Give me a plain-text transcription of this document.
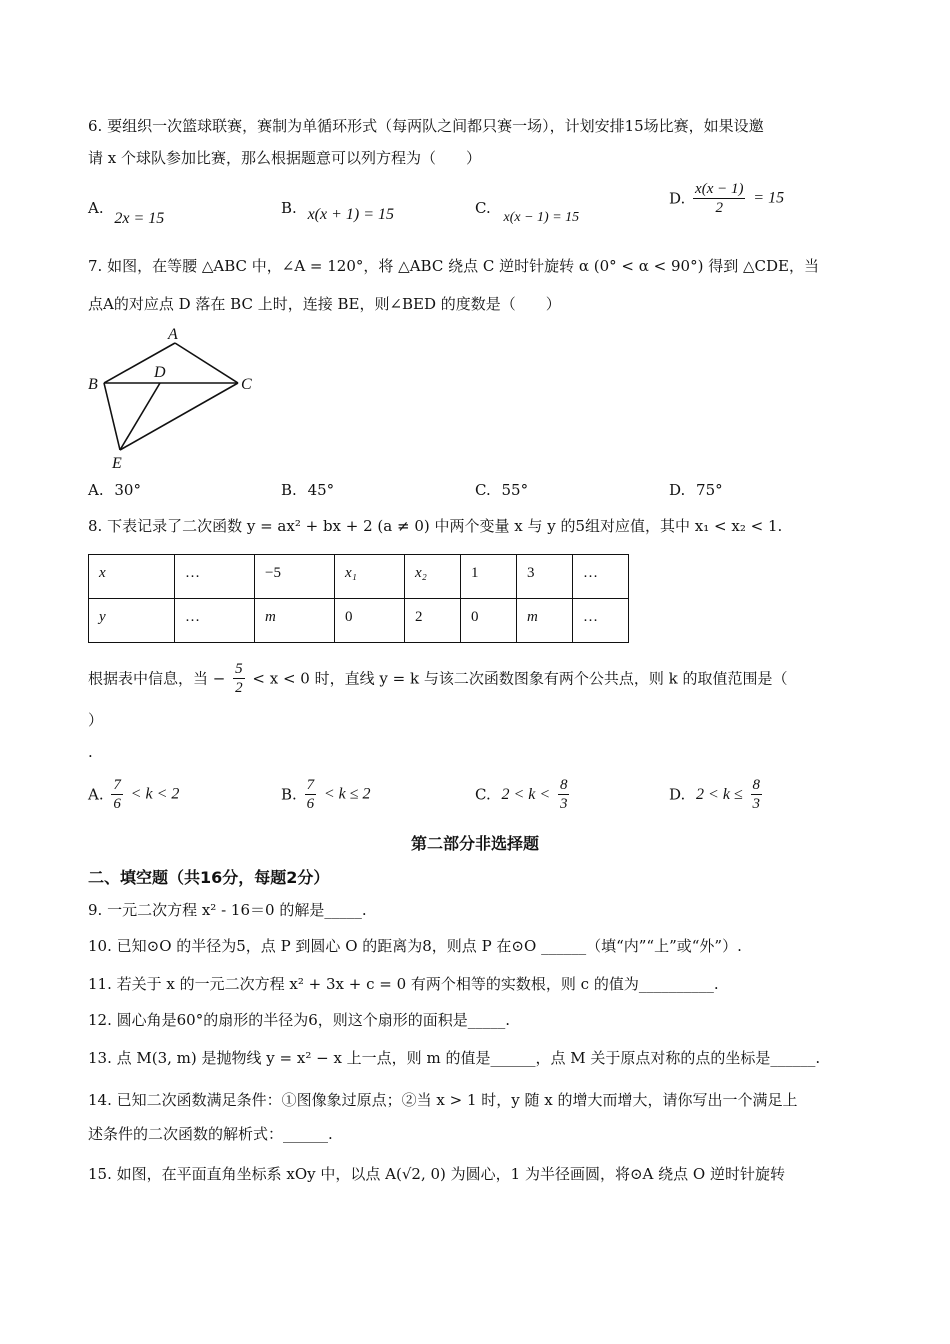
6. 要组织一次篮球联赛，赛制为单循环形式（每两队之间都只赛一场），计划安排15场比赛，如果设邀
请 x 个球队参加比赛，那么根据题意可以列方程为（　　）
A. 2x = 15
B. x(x + 1) = 15	C. x(x − 1) = 15
D. $\frac{x(x - 1)}{2} = 15$
7. 如图，在等腰 △ABC 中，∠A = 120°，将 △ABC 绕点 C 逆时针旋转 α (0° < α < 90°) 得到 △CDE，当
点A的对应点 D 落在 BC 上时，连接 BE，则∠BED 的度数是（　　）
A
B
D
C
E
A. 30°	B. 45°	C. 55°	D. 75°
8. 下表记录了二次函数 y = ax² + bx + 2 (a ≠ 0) 中两个变量 x 与 y 的5组对应值，其中 x₁ < x₂ < 1.
x	…	−5	x₁	x₂	1	3	…
y	…	m	0	2	0	m	…
根据表中信息，当 − $\frac{5}{2} < x < 0$ 时，直线 y = k 与该二次函数图象有两个公共点，则 k 的取值范围是（
）
.
A. $\frac{7}{6} < k < 2$	B. $\frac{7}{6} < k \le 2$	C. $2 < k < \frac{8}{3}$	D. $2 < k \le \frac{8}{3}$
第二部分非选择题
二、填空题（共16分，每题2分）
9. 一元二次方程 x² - 16＝0 的解是_____.
10. 已知⊙O 的半径为5，点 P 到圆心 O 的距离为8，则点 P 在⊙O ______（填“内”“上”或“外”）.
11. 若关于 x 的一元二次方程 x² + 3x + c = 0 有两个相等的实数根，则 c 的值为__________.
12. 圆心角是60°的扇形的半径为6，则这个扇形的面积是_____.
13. 点 M(3, m) 是抛物线 y = x² − x 上一点，则 m 的值是______，点 M 关于原点对称的点的坐标是______.
14. 已知二次函数满足条件：①图像象过原点；②当 x > 1 时，y 随 x 的增大而增大，请你写出一个满足上
述条件的二次函数的解析式：______.
15. 如图，在平面直角坐标系 xOy 中，以点 A(√2, 0) 为圆心，1 为半径画圆，将⊙A 绕点 O 逆时针旋转
